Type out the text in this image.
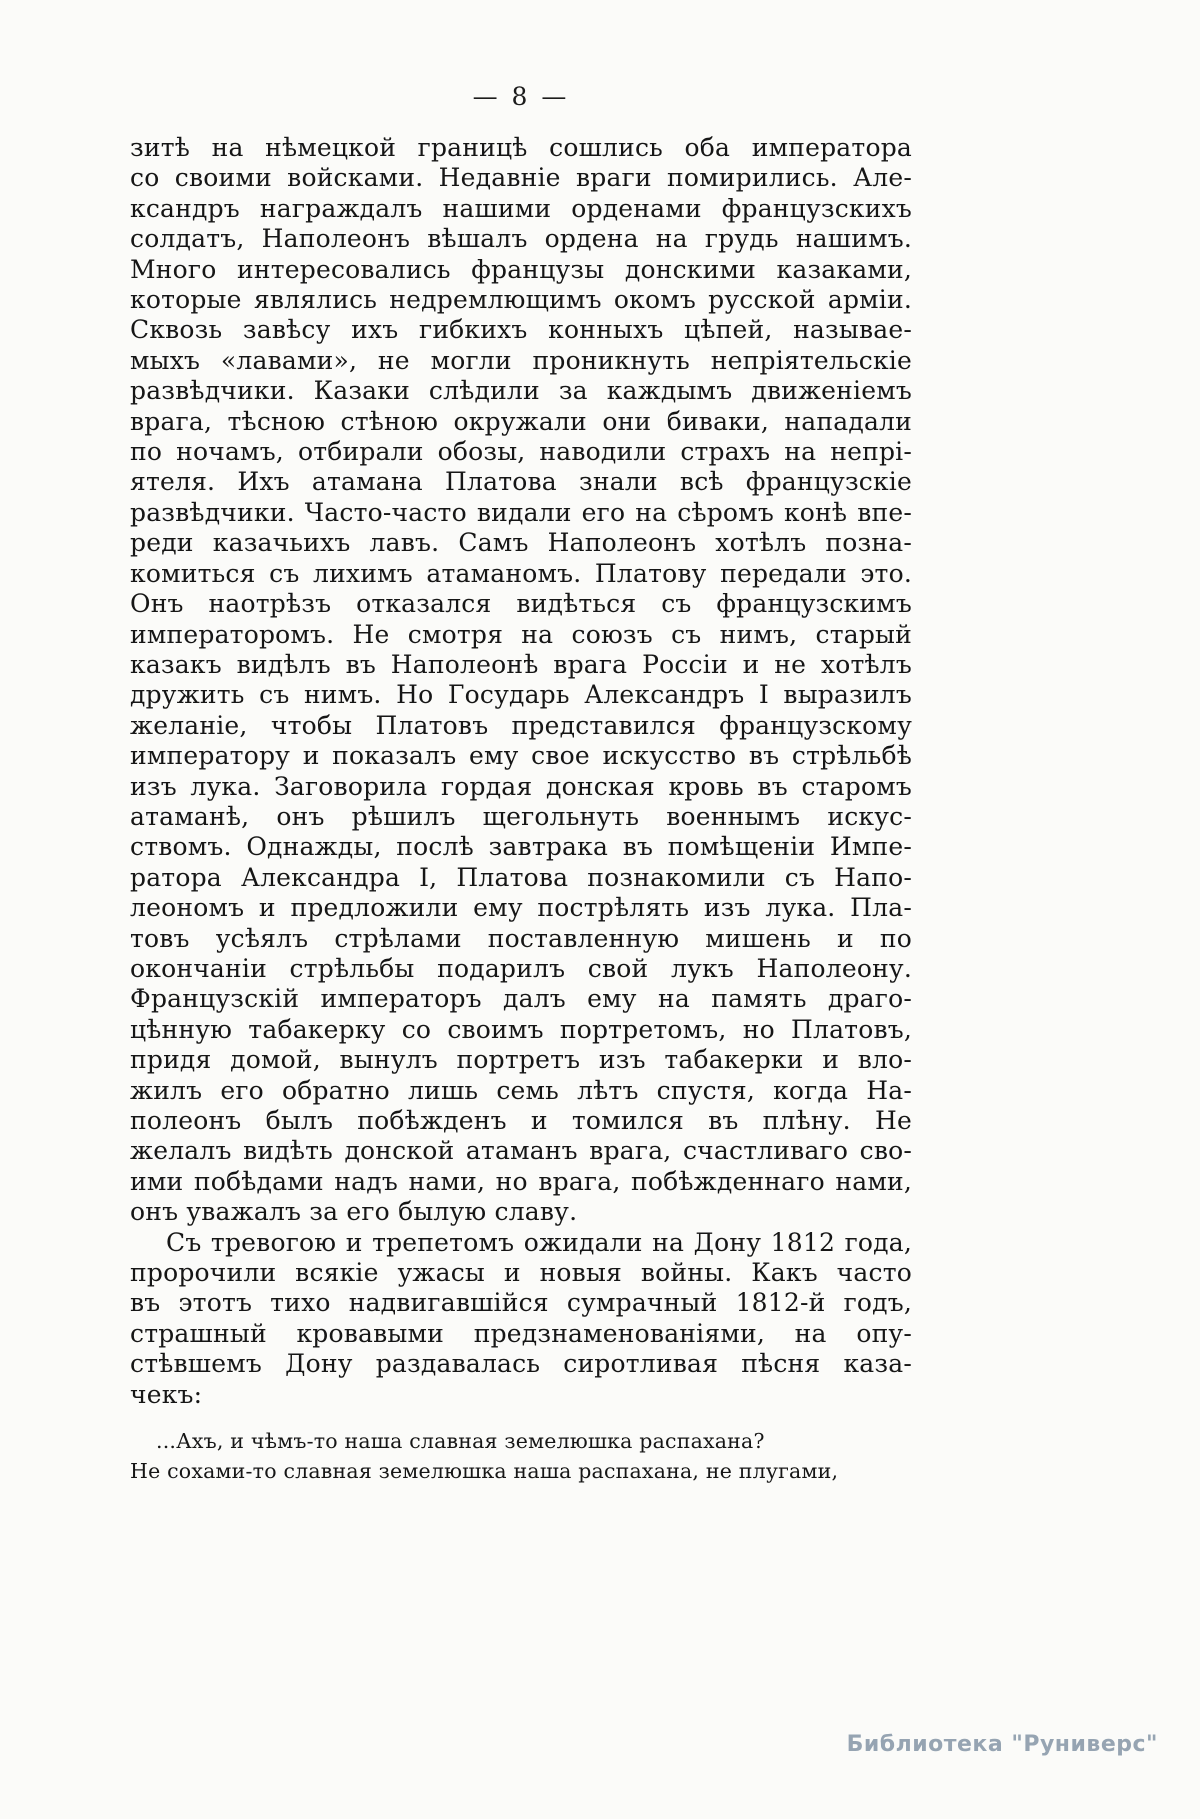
— 8 —
зитѣ на нѣмецкой границѣ сошлись оба императора
со своими войсками. Недавніе враги помирились. Але-
ксандръ награждалъ нашими орденами французскихъ
солдатъ, Наполеонъ вѣшалъ ордена на грудь нашимъ.
Много интересовались французы донскими казаками,
которые являлись недремлющимъ окомъ русской арміи.
Сквозь завѣсу ихъ гибкихъ конныхъ цѣпей, называе-
мыхъ «лавами», не могли проникнуть непріятельскіе
развѣдчики. Казаки слѣдили за каждымъ движеніемъ
врага, тѣсною стѣною окружали они биваки, нападали
по ночамъ, отбирали обозы, наводили страхъ на непрі-
ятеля. Ихъ атамана Платова знали всѣ французскіе
развѣдчики. Часто-часто видали его на сѣромъ конѣ впе-
реди казачьихъ лавъ. Самъ Наполеонъ хотѣлъ позна-
комиться съ лихимъ атаманомъ. Платову передали это.
Онъ наотрѣзъ отказался видѣться съ французскимъ
императоромъ. Не смотря на союзъ съ нимъ, старый
казакъ видѣлъ въ Наполеонѣ врага Россіи и не хотѣлъ
дружить съ нимъ. Но Государь Александръ I выразилъ
желаніе, чтобы Платовъ представился французскому
императору и показалъ ему свое искусство въ стрѣльбѣ
изъ лука. Заговорила гордая донская кровь въ старомъ
атаманѣ, онъ рѣшилъ щегольнуть военнымъ искус-
ствомъ. Однажды, послѣ завтрака въ помѣщеніи Импе-
ратора Александра I, Платова познакомили съ Напо-
леономъ и предложили ему пострѣлять изъ лука. Пла-
товъ усѣялъ стрѣлами поставленную мишень и по
окончаніи стрѣльбы подарилъ свой лукъ Наполеону.
Французскій императоръ далъ ему на память драго-
цѣнную табакерку со своимъ портретомъ, но Платовъ,
придя домой, вынулъ портретъ изъ табакерки и вло-
жилъ его обратно лишь семь лѣтъ спустя, когда На-
полеонъ былъ побѣжденъ и томился въ плѣну. Не
желалъ видѣть донской атаманъ врага, счастливаго сво-
ими побѣдами надъ нами, но врага, побѣжденнаго нами,
онъ уважалъ за его былую славу.
Съ тревогою и трепетомъ ожидали на Дону 1812 года,
пророчили всякіе ужасы и новыя войны. Какъ часто
въ этотъ тихо надвигавшійся сумрачный 1812-й годъ,
страшный кровавыми предзнаменованіями, на опу-
стѣвшемъ Дону раздавалась сиротливая пѣсня каза-
чекъ:
...Ахъ, и чѣмъ-то наша славная земелюшка распахана?
Не сохами-то славная земелюшка наша распахана, не плугами,
Библиотека "Руниверс"
